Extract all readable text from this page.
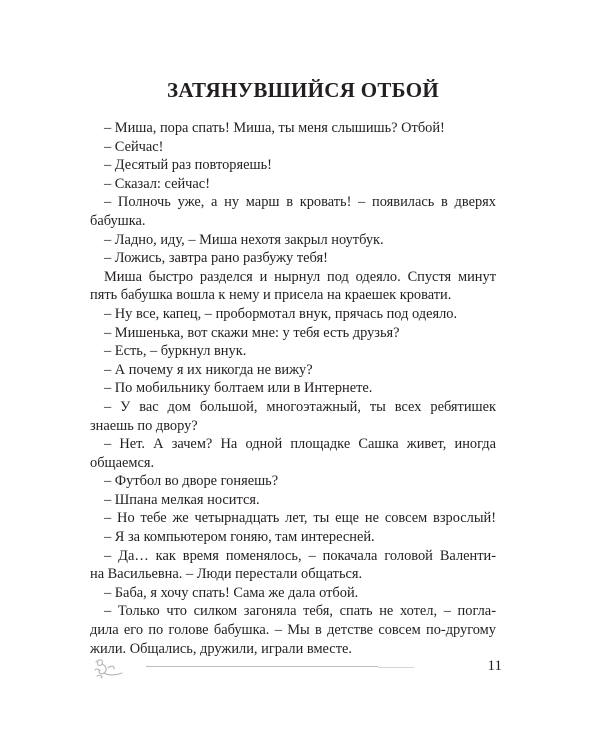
ЗАТЯНУВШИЙСЯ ОТБОЙ
– Миша, пора спать! Миша, ты меня слышишь? Отбой!
– Сейчас!
– Десятый раз повторяешь!
– Сказал: сейчас!
– Полночь уже, а ну марш в кровать! – появилась в дверях
бабушка.
– Ладно, иду, – Миша нехотя закрыл ноутбук.
– Ложись, завтра рано разбужу тебя!
Миша быстро разделся и нырнул под одеяло. Спустя минут
пять бабушка вошла к нему и присела на краешек кровати.
– Ну все, капец, – пробормотал внук, прячась под одеяло.
– Мишенька, вот скажи мне: у тебя есть друзья?
– Есть, – буркнул внук.
– А почему я их никогда не вижу?
– По мобильнику болтаем или в Интернете.
– У вас дом большой, многоэтажный, ты всех ребятишек
знаешь по двору?
– Нет. А зачем? На одной площадке Сашка живет, иногда
общаемся.
– Футбол во дворе гоняешь?
– Шпана мелкая носится.
– Но тебе же четырнадцать лет, ты еще не совсем взрослый!
– Я за компьютером гоняю, там интересней.
– Да… как время поменялось, – покачала головой Валенти-
на Васильевна. – Люди перестали общаться.
– Баба, я хочу спать! Сама же дала отбой.
– Только что силком загоняла тебя, спать не хотел, – погла-
дила его по голове бабушка. – Мы в детстве совсем по-другому
жили. Общались, дружили, играли вместе.

11
